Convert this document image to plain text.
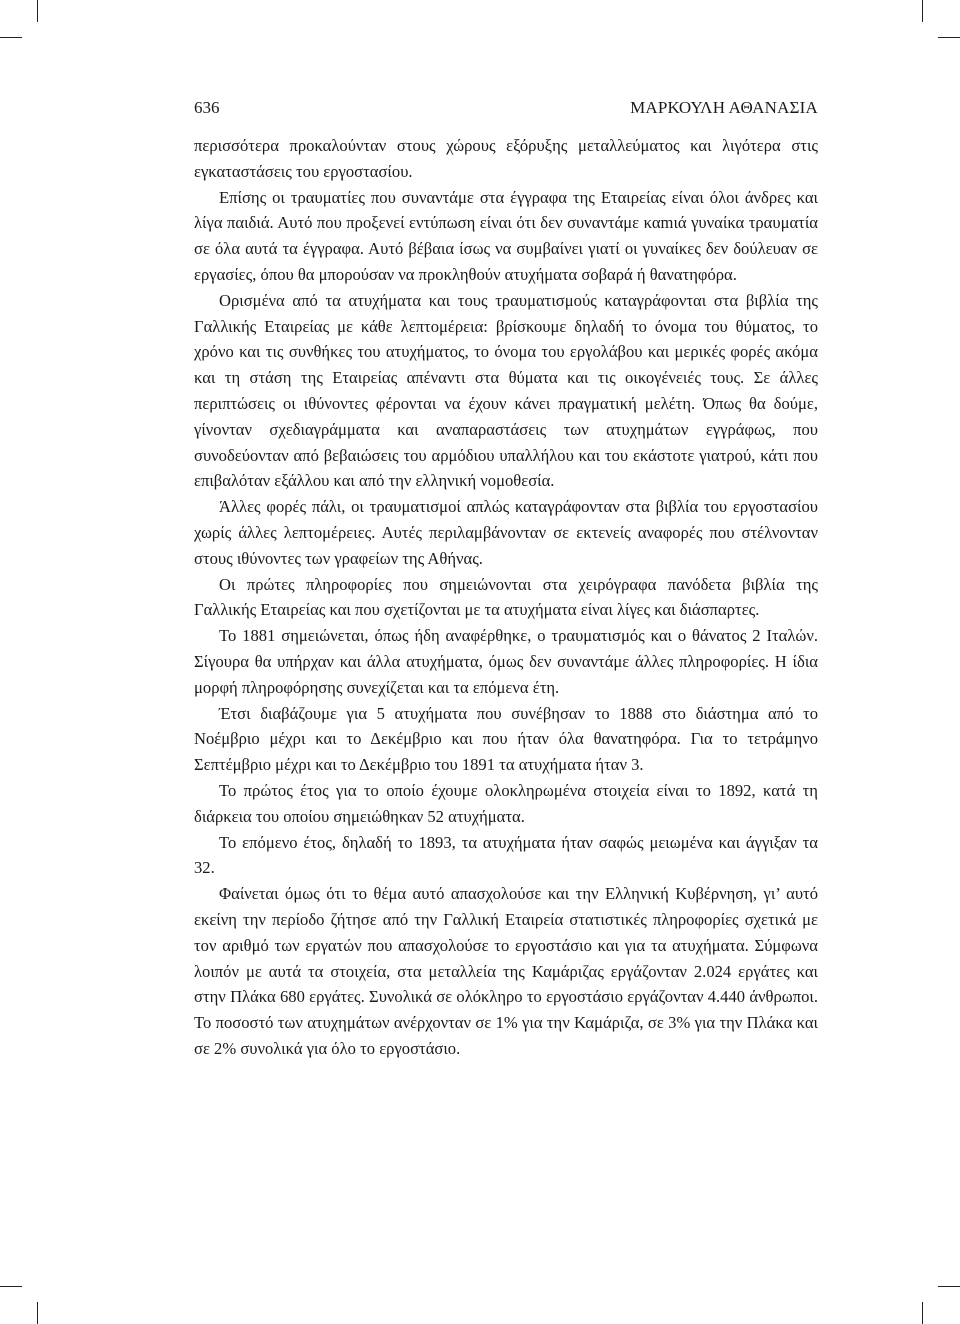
636	ΜΑΡΚΟΥΛΗ ΑΘΑΝΑΣΙΑ

περισσότερα προκαλούνταν στους χώρους εξόρυξης μεταλλεύματος και λιγότερα στις εγκαταστάσεις του εργοστασίου.

Επίσης οι τραυματίες που συναντάμε στα έγγραφα της Εταιρείας είναι όλοι άνδρες και λίγα παιδιά. Αυτό που προξενεί εντύπωση είναι ότι δεν συναντάμε καmιά γυναίκα τραυματία σε όλα αυτά τα έγγραφα. Αυτό βέβαια ίσως να συμβαίνει γιατί οι γυναίκες δεν δούλευαν σε εργασίες, όπου θα μπορούσαν να προκληθούν ατυχήματα σοβαρά ή θανατηφόρα.

Ορισμένα από τα ατυχήματα και τους τραυματισμούς καταγράφονται στα βιβλία της Γαλλικής Εταιρείας με κάθε λεπτομέρεια: βρίσκουμε δηλαδή το όνομα του θύματος, το χρόνο και τις συνθήκες του ατυχήματος, το όνομα του εργολάβου και μερικές φορές ακόμα και τη στάση της Εταιρείας απέναντι στα θύματα και τις οικογένειές τους. Σε άλλες περιπτώσεις οι ιθύνοντες φέρονται να έχουν κάνει πραγματική μελέτη. Όπως θα δούμε, γίνονταν σχεδιαγράμματα και αναπαραστάσεις των ατυχημάτων εγγράφως, που συνοδεύονταν από βεβαιώσεις του αρμόδιου υπαλλήλου και του εκάστοτε γιατρού, κάτι που επιβαλόταν εξάλλου και από την ελληνική νομοθεσία.

Άλλες φορές πάλι, οι τραυματισμοί απλώς καταγράφονταν στα βιβλία του εργοστασίου χωρίς άλλες λεπτομέρειες. Αυτές περιλαμβάνονταν σε εκτενείς αναφορές που στέλνονταν στους ιθύνοντες των γραφείων της Αθήνας.

Οι πρώτες πληροφορίες που σημειώνονται στα χειρόγραφα πανόδετα βιβλία της Γαλλικής Εταιρείας και που σχετίζονται με τα ατυχήματα είναι λίγες και διάσπαρτες.

Το 1881 σημειώνεται, όπως ήδη αναφέρθηκε, ο τραυματισμός και ο θάνατος 2 Ιταλών. Σίγουρα θα υπήρχαν και άλλα ατυχήματα, όμως δεν συναντάμε άλλες πληροφορίες. Η ίδια μορφή πληροφόρησης συνεχίζεται και τα επόμενα έτη.

Έτσι διαβάζουμε για 5 ατυχήματα που συνέβησαν το 1888 στο διάστημα από το Νοέμβριο μέχρι και το Δεκέμβριο και που ήταν όλα θανατηφόρα. Για το τετράμηνο Σεπτέμβριο μέχρι και το Δεκέμβριο του 1891 τα ατυχήματα ήταν 3.

Το πρώτος έτος για το οποίο έχουμε ολοκληρωμένα στοιχεία είναι το 1892, κατά τη διάρκεια του οποίου σημειώθηκαν 52 ατυχήματα.

Το επόμενο έτος, δηλαδή το 1893, τα ατυχήματα ήταν σαφώς μειωμένα και άγγιξαν τα 32.

Φαίνεται όμως ότι το θέμα αυτό απασχολούσε και την Ελληνική Κυβέρνηση, γι’ αυτό εκείνη την περίοδο ζήτησε από την Γαλλική Εταιρεία στατιστικές πληροφορίες σχετικά με τον αριθμό των εργατών που απασχολούσε το εργοστάσιο και για τα ατυχήματα. Σύμφωνα λοιπόν με αυτά τα στοιχεία, στα μεταλλεία της Καμάριζας εργάζονταν 2.024 εργάτες και στην Πλάκα 680 εργάτες. Συνολικά σε ολόκληρο το εργοστάσιο εργάζονταν 4.440 άνθρωποι. Το ποσοστό των ατυχημάτων ανέρχονταν σε 1% για την Καμάριζα, σε 3% για την Πλάκα και σε 2% συνολικά για όλο το εργοστάσιο.
